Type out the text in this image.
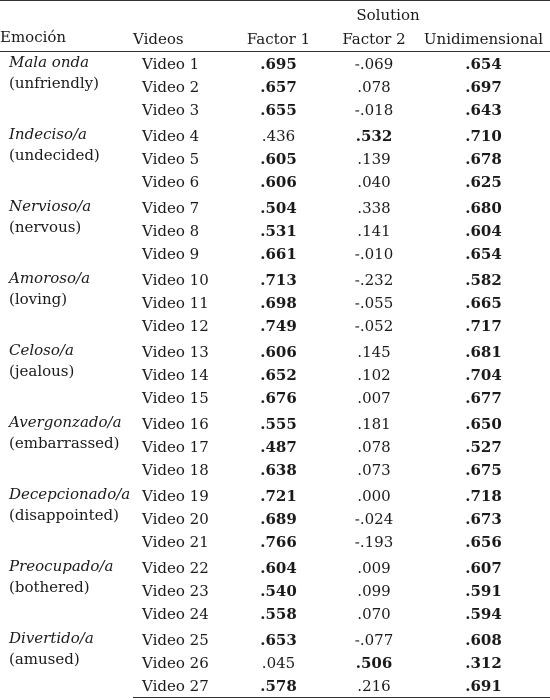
		Solution		
Emoción	Videos	Factor 1	Factor 2	Unidimensional

Mala onda
(unfriendly)	Video 1	.695	-.069	.654
	Video 2	.657	.078	.697
	Video 3	.655	-.018	.643

Indeciso/a
(undecided)	Video 4	.436	.532	.710
	Video 5	.605	.139	.678
	Video 6	.606	.040	.625

Nervioso/a
(nervous)	Video 7	.504	.338	.680
	Video 8	.531	.141	.604
	Video 9	.661	-.010	.654

Amoroso/a
(loving)	Video 10	.713	-.232	.582
	Video 11	.698	-.055	.665
	Video 12	.749	-.052	.717

Celoso/a
(jealous)	Video 13	.606	.145	.681
	Video 14	.652	.102	.704
	Video 15	.676	.007	.677

Avergonzado/a
(embarrassed)	Video 16	.555	.181	.650
	Video 17	.487	.078	.527
	Video 18	.638	.073	.675

Decepcionado/a
(disappointed)	Video 19	.721	.000	.718
	Video 20	.689	-.024	.673
	Video 21	.766	-.193	.656

Preocupado/a
(bothered)	Video 22	.604	.009	.607
	Video 23	.540	.099	.591
	Video 24	.558	.070	.594

Divertido/a
(amused)	Video 25	.653	-.077	.608
	Video 26	.045	.506	.312
	Video 27	.578	.216	.691
